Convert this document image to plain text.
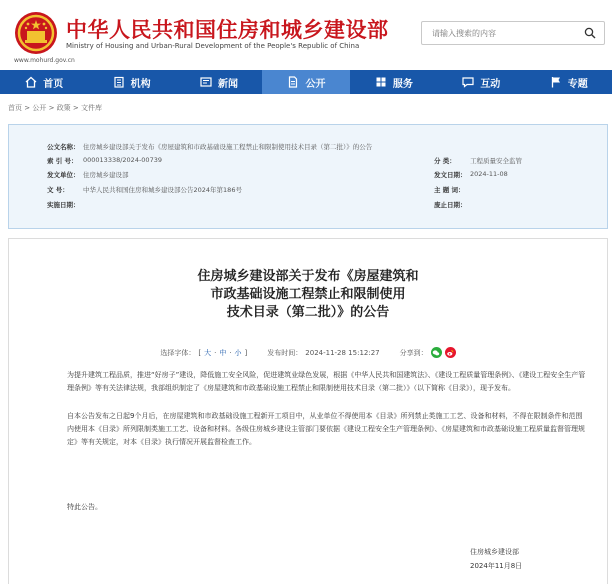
中华人民共和国住房和城乡建设部
Ministry of Housing and Urban-Rural Development of the People's Republic of China
www.mohurd.gov.cn
请输入搜索的内容
首页	机构	新闻	公开	服务	互动	专题
首页 > 公开 > 政策 > 文件库
公文名称： 住房城乡建设部关于发布《房屋建筑和市政基础设施工程禁止和限制使用技术目录（第二批）》的公告
索 引 号： 000013338/2024-00739	分 类： 工程质量安全监管
发文单位： 住房城乡建设部	发文日期： 2024-11-08
文 号： 中华人民共和国住房和城乡建设部公告2024年第186号	主 题 词：
实施日期：	废止日期：
住房城乡建设部关于发布《房屋建筑和
市政基础设施工程禁止和限制使用
技术目录（第二批）》的公告
选择字体： [ 大 · 中 · 小 ]	发布时间： 2024-11-28 15:12:27	分享到：
为提升建筑工程品质，推进“好房子”建设，降低施工安全风险，促进建筑业绿色发展，根据《中华人民共和国建筑法》、《建设工程质量管理条例》、《建设工程安全生产管理条例》等有关法律法规，我部组织制定了《房屋建筑和市政基础设施工程禁止和限制使用技术目录（第二批）》（以下简称《目录》），现予发布。
自本公告发布之日起9个月后，在房屋建筑和市政基础设施工程新开工项目中，从业单位不得使用本《目录》所列禁止类施工工艺、设备和材料，不得在限制条件和范围内使用本《目录》所列限制类施工工艺、设备和材料。各级住房城乡建设主管部门要依据《建设工程安全生产管理条例》、《房屋建筑和市政基础设施工程质量监督管理规定》等有关规定，对本《目录》执行情况开展监督检查工作。
特此公告。
住房城乡建设部
2024年11月8日
